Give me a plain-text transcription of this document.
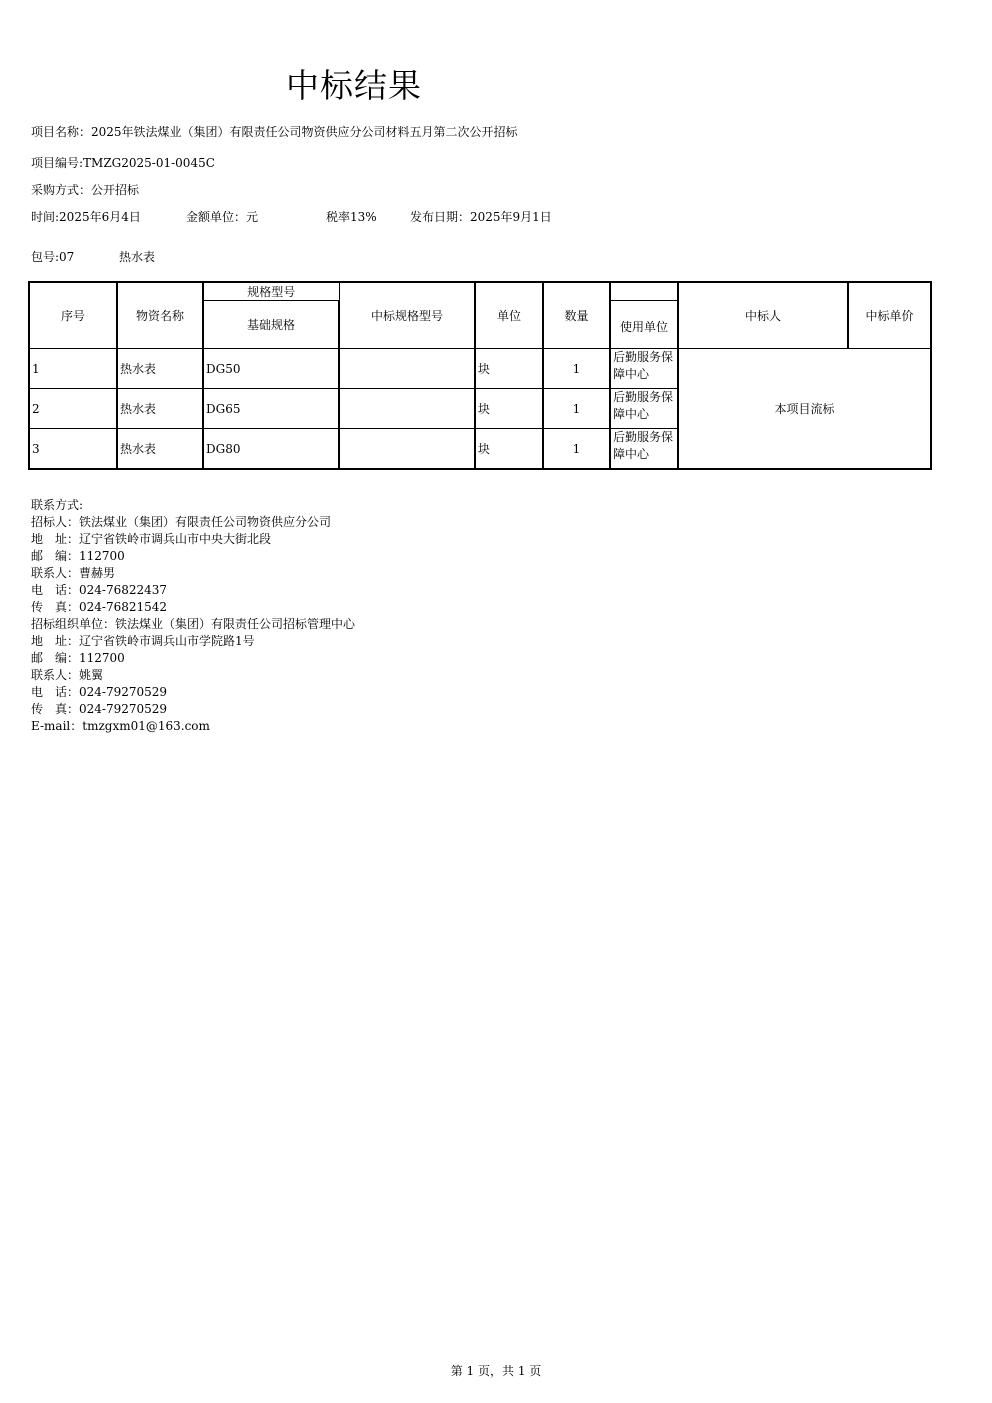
中标结果
项目名称：2025年铁法煤业（集团）有限责任公司物资供应分公司材料五月第二次公开招标
项目编号:TMZG2025-01-0045C
采购方式：公开招标
时间:2025年6月4日	金额单位：元	税率13%	发布日期：2025年9月1日
包号:07	热水表
序号	物资名称	规格型号	中标规格型号	单位	数量		中标人	中标单价
		基础规格				使用单位		
1	热水表	DG50		块	1	后勤服务保障中心	本项目流标	
2	热水表	DG65		块	1	后勤服务保障中心		

3	热水表	DG80		块	1	后勤服务保障中心		
联系方式:
招标人：铁法煤业（集团）有限责任公司物资供应分公司
地　址：辽宁省铁岭市调兵山市中央大街北段
邮　编：112700
联系人：曹赫男
电　话：024-76822437
传　真：024-76821542
招标组织单位：铁法煤业（集团）有限责任公司招标管理中心
地　址：辽宁省铁岭市调兵山市学院路1号
邮　编：112700
联系人：姚翼
电　话：024-79270529
传　真：024-79270529
E-mail：tmzgxm01@163.com
第 1 页，共 1 页
